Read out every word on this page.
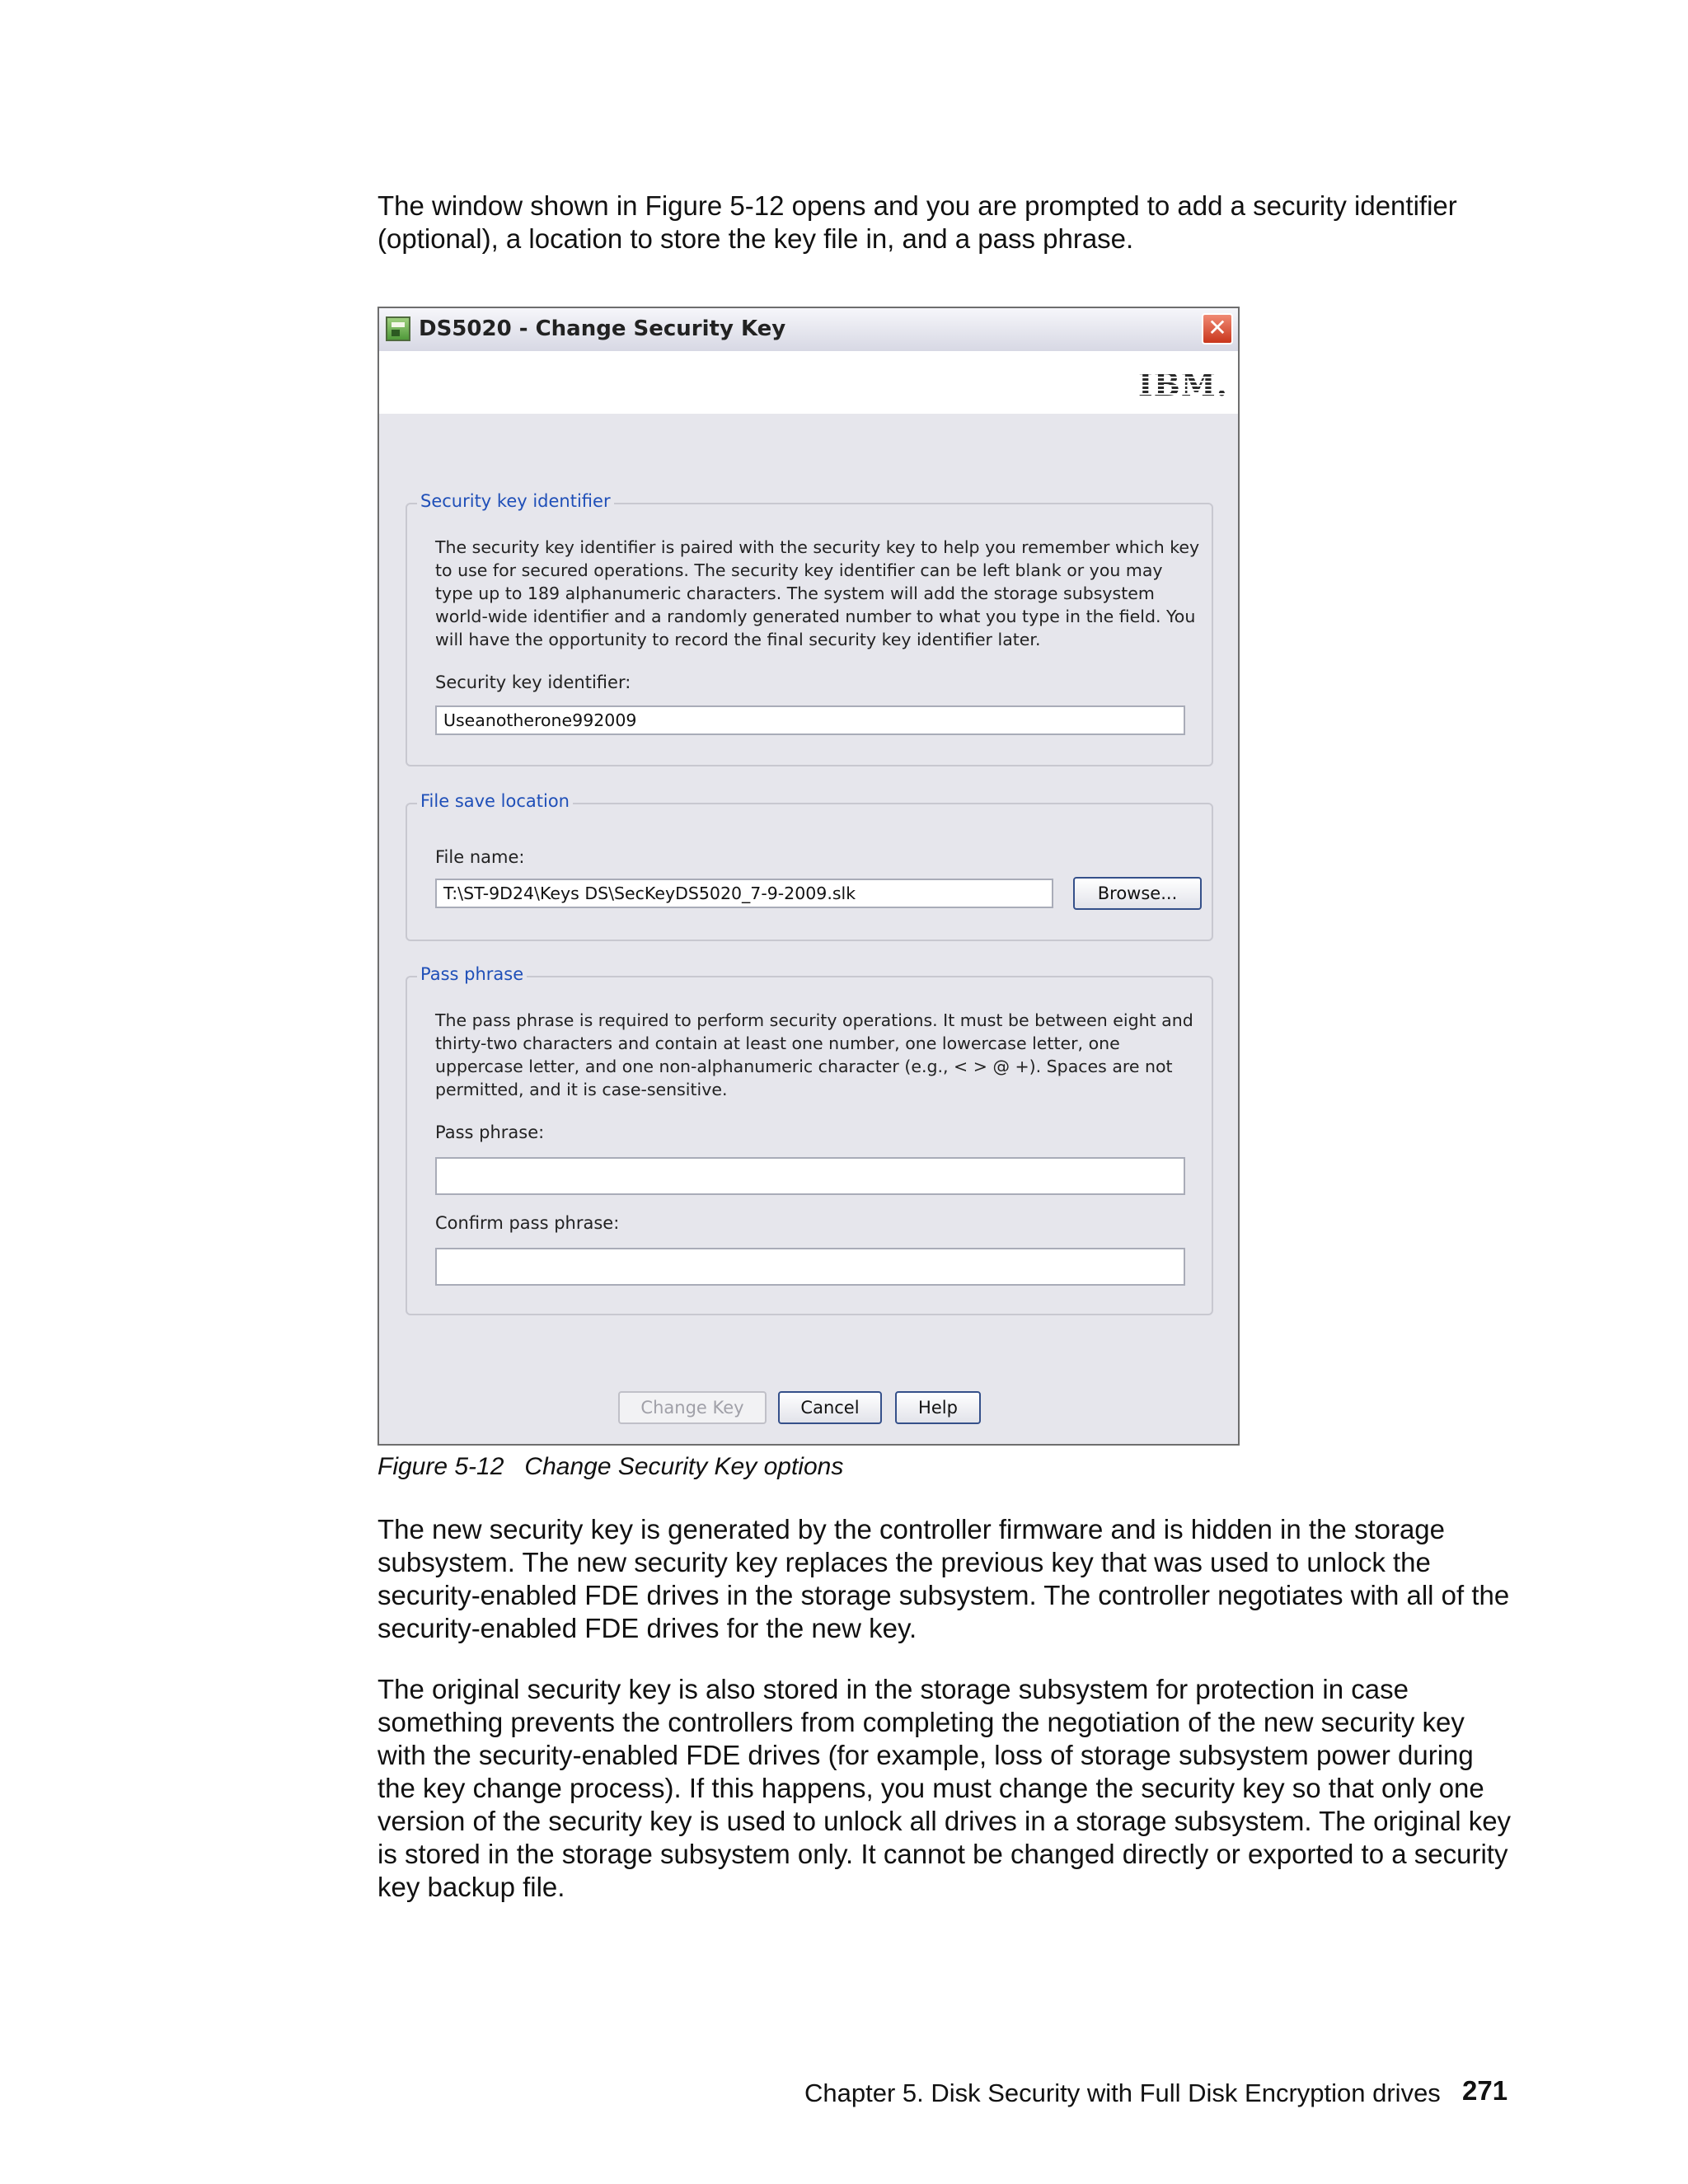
The window shown in Figure 5-12 opens and you are prompted to add a security identifier (optional), a location to store the key file in, and a pass phrase.

DS5020 - Change Security Key	✕
IBM.
Security key identifier

The security key identifier is paired with the security key to help you remember which key to use for secured operations. The security key identifier can be left blank or you may type up to 189 alphanumeric characters. The system will add the storage subsystem world-wide identifier and a randomly generated number to what you type in the field. You will have the opportunity to record the final security key identifier later.

Security key identifier:
Useanotherone992009
File save location
File name:
T:\ST-9D24\Keys DS\SecKeyDS5020_7-9-2009.slk	Browse...
Pass phrase

The pass phrase is required to perform security operations. It must be between eight and thirty-two characters and contain at least one number, one lowercase letter, one uppercase letter, and one non-alphanumeric character (e.g., < > @ +). Spaces are not permitted, and it is case-sensitive.

Pass phrase:
Confirm pass phrase:
Change Key	Cancel	Help

Figure 5-12   Change Security Key options

The new security key is generated by the controller firmware and is hidden in the storage subsystem. The new security key replaces the previous key that was used to unlock the security-enabled FDE drives in the storage subsystem. The controller negotiates with all of the security-enabled FDE drives for the new key.

The original security key is also stored in the storage subsystem for protection in case something prevents the controllers from completing the negotiation of the new security key with the security-enabled FDE drives (for example, loss of storage subsystem power during the key change process). If this happens, you must change the security key so that only one version of the security key is used to unlock all drives in a storage subsystem. The original key is stored in the storage subsystem only. It cannot be changed directly or exported to a security key backup file.

Chapter 5. Disk Security with Full Disk Encryption drives 271
